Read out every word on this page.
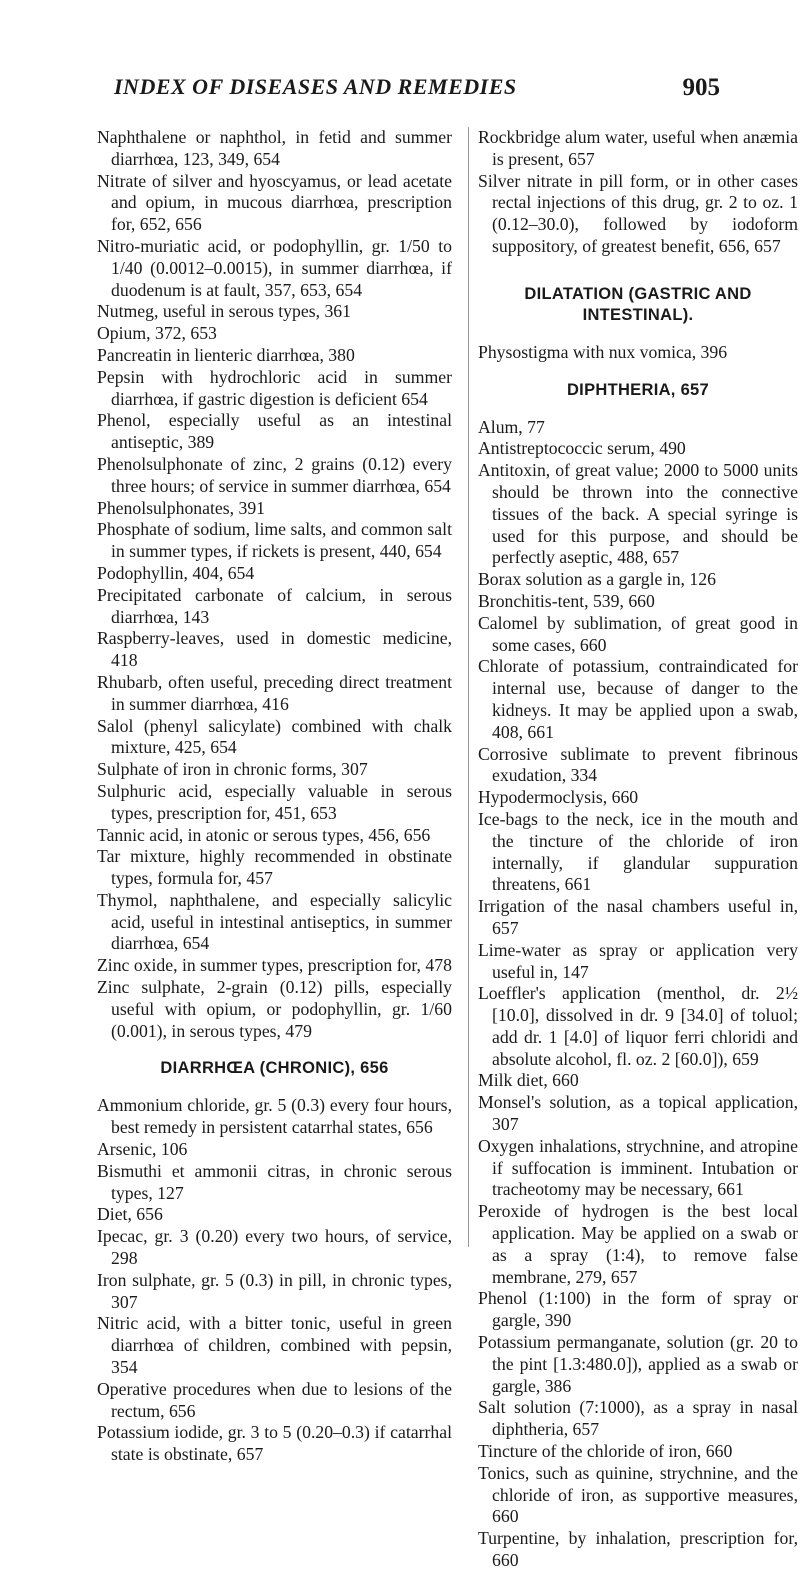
INDEX OF DISEASES AND REMEDIES	905

Naphthalene or naphthol, in fetid and summer diarrhœa, 123, 349, 654

Nitrate of silver and hyoscyamus, or lead acetate and opium, in mucous diarrhœa, prescription for, 652, 656

Nitro-muriatic acid, or podophyllin, gr. 1/50 to 1/40 (0.0012–0.0015), in summer diarrhœa, if duodenum is at fault, 357, 653, 654

Nutmeg, useful in serous types, 361

Opium, 372, 653

Pancreatin in lienteric diarrhœa, 380

Pepsin with hydrochloric acid in summer diarrhœa, if gastric digestion is deficient 654

Phenol, especially useful as an intestinal antiseptic, 389

Phenolsulphonate of zinc, 2 grains (0.12) every three hours; of service in summer diarrhœa, 654

Phenolsulphonates, 391

Phosphate of sodium, lime salts, and common salt in summer types, if rickets is present, 440, 654

Podophyllin, 404, 654

Precipitated carbonate of calcium, in serous diarrhœa, 143

Raspberry-leaves, used in domestic medicine, 418

Rhubarb, often useful, preceding direct treatment in summer diarrhœa, 416

Salol (phenyl salicylate) combined with chalk mixture, 425, 654

Sulphate of iron in chronic forms, 307

Sulphuric acid, especially valuable in serous types, prescription for, 451, 653

Tannic acid, in atonic or serous types, 456, 656

Tar mixture, highly recommended in obstinate types, formula for, 457

Thymol, naphthalene, and especially salicylic acid, useful in intestinal antiseptics, in summer diarrhœa, 654

Zinc oxide, in summer types, prescription for, 478

Zinc sulphate, 2-grain (0.12) pills, especially useful with opium, or podophyllin, gr. 1/60 (0.001), in serous types, 479

DIARRHŒA (CHRONIC), 656

Ammonium chloride, gr. 5 (0.3) every four hours, best remedy in persistent catarrhal states, 656

Arsenic, 106

Bismuthi et ammonii citras, in chronic serous types, 127

Diet, 656

Ipecac, gr. 3 (0.20) every two hours, of service, 298

Iron sulphate, gr. 5 (0.3) in pill, in chronic types, 307

Nitric acid, with a bitter tonic, useful in green diarrhœa of children, combined with pepsin, 354

Operative procedures when due to lesions of the rectum, 656

Potassium iodide, gr. 3 to 5 (0.20–0.3) if catarrhal state is obstinate, 657

Rockbridge alum water, useful when anæmia is present, 657

Silver nitrate in pill form, or in other cases rectal injections of this drug, gr. 2 to oz. 1 (0.12–30.0), followed by iodoform suppository, of greatest benefit, 656, 657

DILATATION (GASTRIC AND INTESTINAL).

Physostigma with nux vomica, 396

DIPHTHERIA, 657

Alum, 77

Antistreptococcic serum, 490

Antitoxin, of great value; 2000 to 5000 units should be thrown into the connective tissues of the back. A special syringe is used for this purpose, and should be perfectly aseptic, 488, 657

Borax solution as a gargle in, 126

Bronchitis-tent, 539, 660

Calomel by sublimation, of great good in some cases, 660

Chlorate of potassium, contraindicated for internal use, because of danger to the kidneys. It may be applied upon a swab, 408, 661

Corrosive sublimate to prevent fibrinous exudation, 334

Hypodermoclysis, 660

Ice-bags to the neck, ice in the mouth and the tincture of the chloride of iron internally, if glandular suppuration threatens, 661

Irrigation of the nasal chambers useful in, 657

Lime-water as spray or application very useful in, 147

Loeffler's application (menthol, dr. 2½ [10.0], dissolved in dr. 9 [34.0] of toluol; add dr. 1 [4.0] of liquor ferri chloridi and absolute alcohol, fl. oz. 2 [60.0]), 659

Milk diet, 660

Monsel's solution, as a topical application, 307

Oxygen inhalations, strychnine, and atropine if suffocation is imminent. Intubation or tracheotomy may be necessary, 661

Peroxide of hydrogen is the best local application. May be applied on a swab or as a spray (1:4), to remove false membrane, 279, 657

Phenol (1:100) in the form of spray or gargle, 390

Potassium permanganate, solution (gr. 20 to the pint [1.3:480.0]), applied as a swab or gargle, 386

Salt solution (7:1000), as a spray in nasal diphtheria, 657

Tincture of the chloride of iron, 660

Tonics, such as quinine, strychnine, and the chloride of iron, as supportive measures, 660

Turpentine, by inhalation, prescription for, 660
